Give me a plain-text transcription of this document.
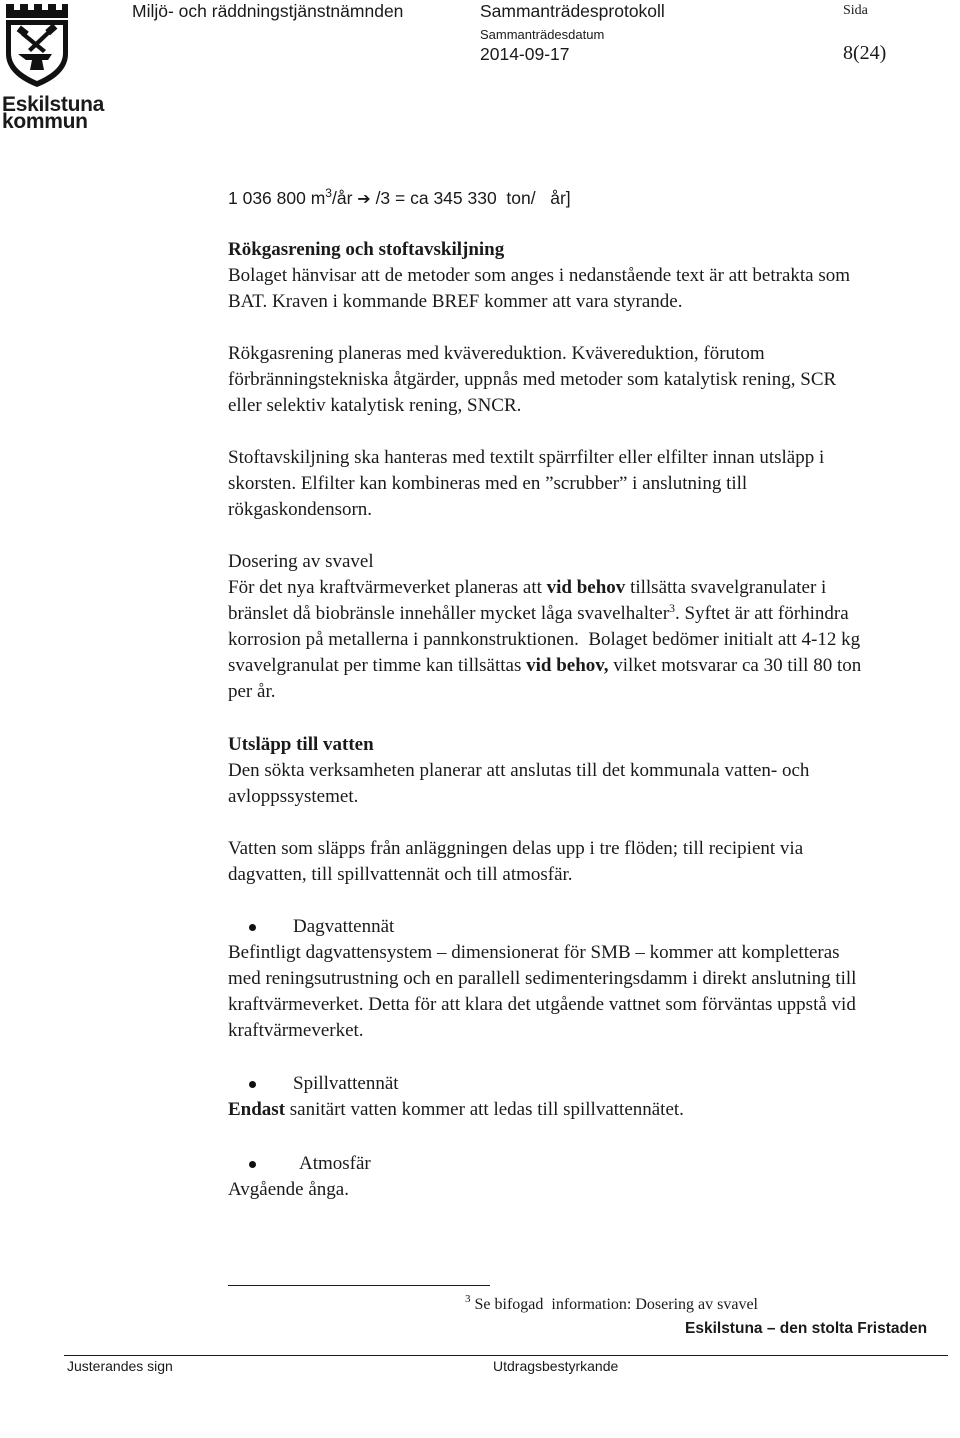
Eskilstuna
kommun
Miljö- och räddningstjänstnämnden	Sammanträdesprotokoll	Sida
Sammanträdesdatum
2014-09-17	8(24)
1 036 800 $m^3/år$ ➔ /3 = ca 345 330  ton/   år]
Rökgasrening och stoftavskiljning
Bolaget hänvisar att de metoder som anges i nedanstående text är att betrakta som
BAT. Kraven i kommande BREF kommer att vara styrande.
Rökgasrening planeras med kvävereduktion. Kvävereduktion, förutom
förbränningstekniska åtgärder, uppnås med metoder som katalytisk rening, SCR
eller selektiv katalytisk rening, SNCR.
Stoftavskiljning ska hanteras med textilt spärrfilter eller elfilter innan utsläpp i
skorsten. Elfilter kan kombineras med en ”scrubber” i anslutning till
rökgaskondensorn.
Dosering av svavel
För det nya kraftvärmeverket planeras att vid behov tillsätta svavelgranulater i
bränslet då biobränsle innehåller mycket låga svavelhalter$^3$. Syftet är att förhindra
korrosion på metallerna i pannkonstruktionen.  Bolaget bedömer initialt att 4-12 kg
svavelgranulat per timme kan tillsättas vid behov, vilket motsvarar ca 30 till 80 ton
per år.
Utsläpp till vatten
Den sökta verksamheten planerar att anslutas till det kommunala vatten- och
avloppssystemet.
Vatten som släpps från anläggningen delas upp i tre flöden; till recipient via
dagvatten, till spillvattennät och till atmosfär.
Dagvattennät
Befintligt dagvattensystem – dimensionerat för SMB – kommer att kompletteras
med reningsutrustning och en parallell sedimenteringsdamm i direkt anslutning till
kraftvärmeverket. Detta för att klara det utgående vattnet som förväntas uppstå vid
kraftvärmeverket.
Spillvattennät
Endast sanitärt vatten kommer att ledas till spillvattennätet.
Atmosfär
Avgående ånga.
$^3$ Se bifogad  information: Dosering av svavel
Eskilstuna – den stolta Fristaden
Justerandes sign	Utdragsbestyrkande
